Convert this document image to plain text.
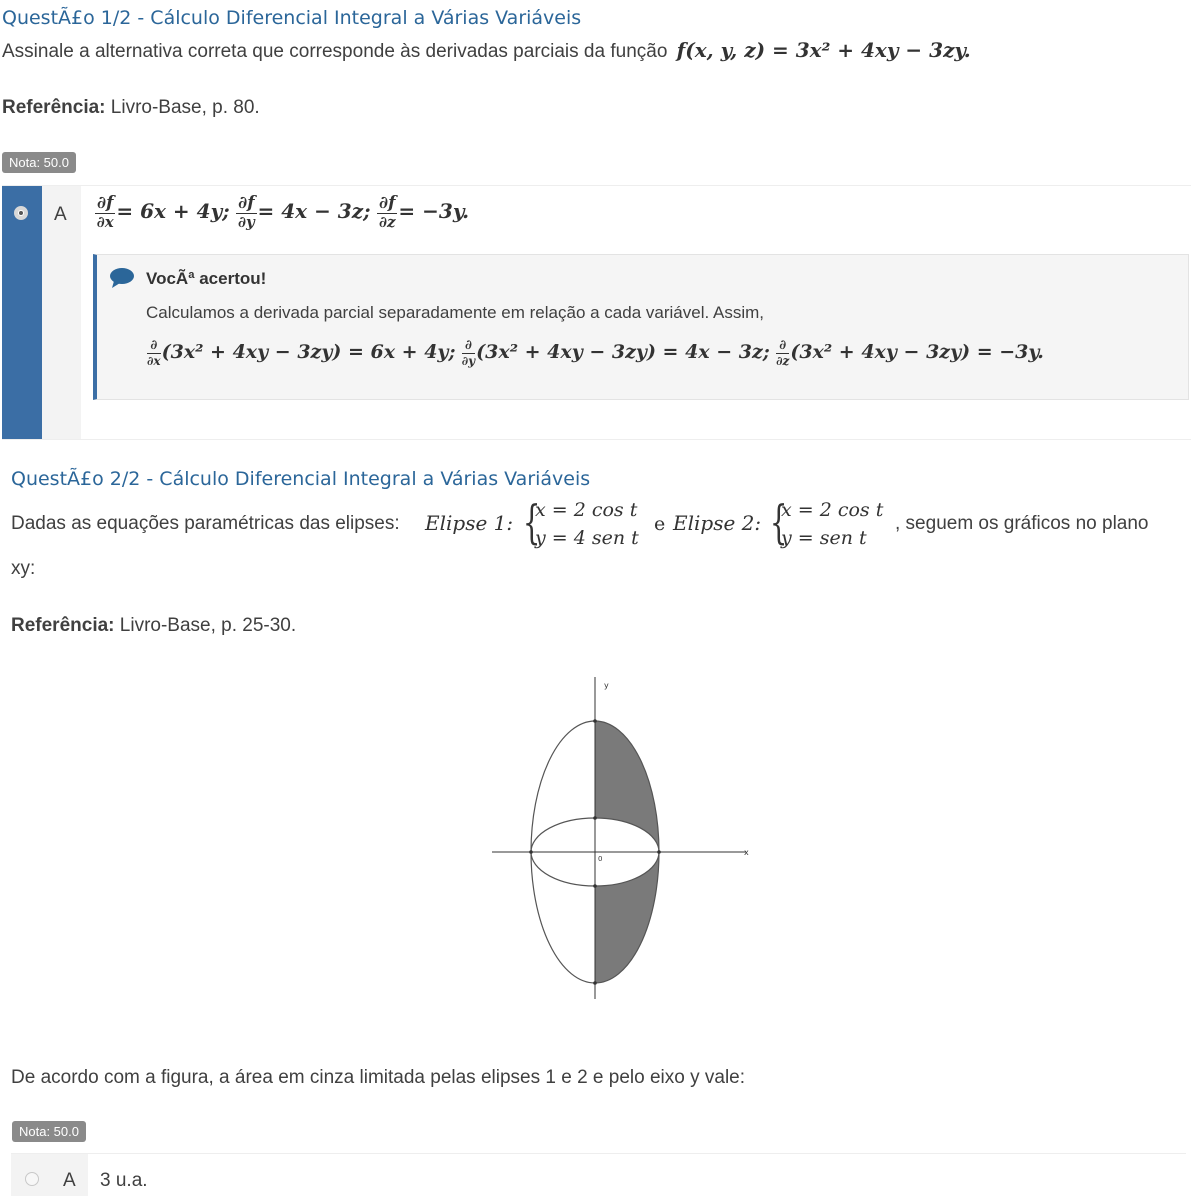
QuestÃ£o 1/2 - Cálculo Diferencial Integral a Várias Variáveis
Assinale a alternativa correta que corresponde às derivadas parciais da função f(x, y, z) = 3x² + 4xy − 3zy.
Referência: Livro-Base, p. 80.
Nota: 50.0
A $\frac{\partial f}{\partial x} = 6x + 4y$; $\frac{\partial f}{\partial y} = 4x - 3z$; $\frac{\partial f}{\partial z} = -3y$.
VocÃª acertou!
Calculamos a derivada parcial separadamente em relação a cada variável. Assim,
$\frac{\partial}{\partial x} (3x^2 + 4xy - 3zy) = 6x + 4y$; $\frac{\partial}{\partial y} (3x^2 + 4xy - 3zy) = 4x - 3z$; $\frac{\partial}{\partial z} (3x^2 + 4xy - 3zy) = -3y$.
QuestÃ£o 2/2 - Cálculo Diferencial Integral a Várias Variáveis
Dadas as equações paramétricas das elipses: Elipse 1: {
x = 2 cos t
y = 4 sen t
e Elipse 2: {
x = 2 cos t
y = sen t
, seguem os gráficos no plano
xy:
Referência: Livro-Base, p. 25-30.
y
x
0
De acordo com a figura, a área em cinza limitada pelas elipses 1 e 2 e pelo eixo y vale:
Nota: 50.0
A 3 u.a.
